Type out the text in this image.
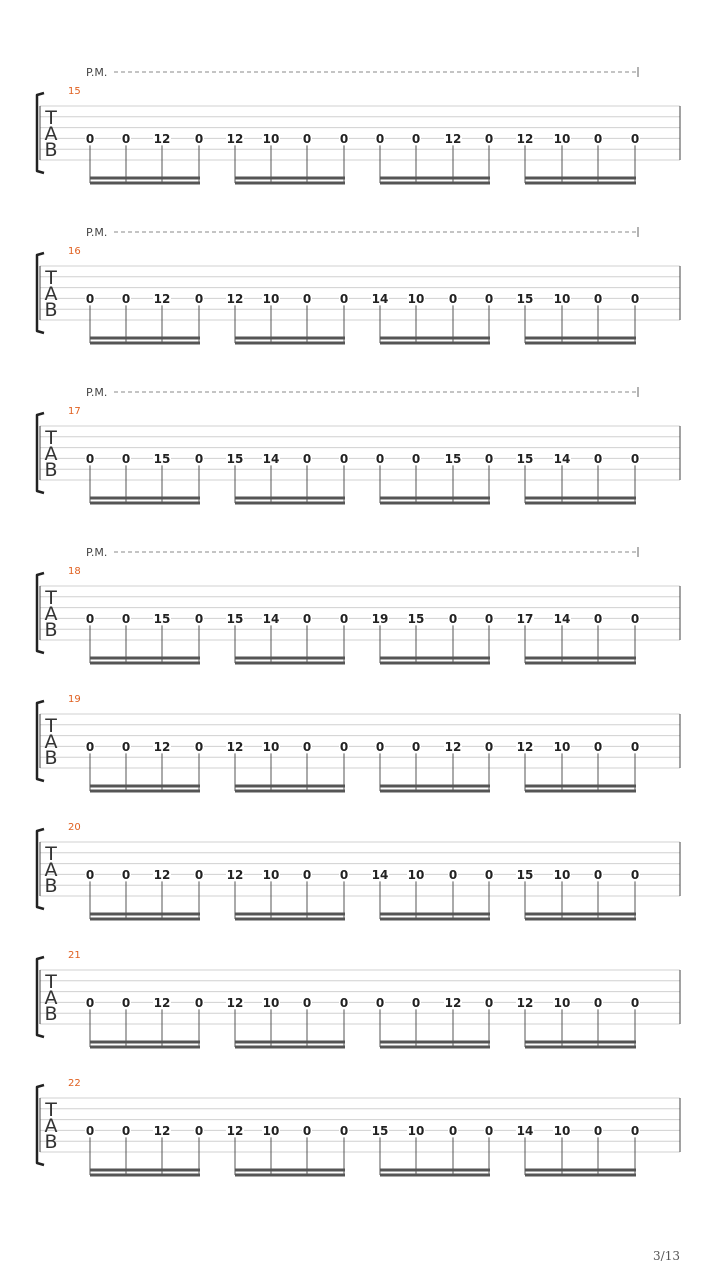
P.M.
15
T
A
B
0 0 12 0 12 10 0 0 0 0 12 0 12 10 0 0
P.M.
16
T
A
B
0 0 12 0 12 10 0 0 14 10 0 0 15 10 0 0
P.M.
17
T
A
B
0 0 15 0 15 14 0 0 0 0 15 0 15 14 0 0
P.M.
18
T
A
B
0 0 15 0 15 14 0 0 19 15 0 0 17 14 0 0
19
T
A
B
0 0 12 0 12 10 0 0 0 0 12 0 12 10 0 0
20
T
A
B
0 0 12 0 12 10 0 0 14 10 0 0 15 10 0 0
21
T
A
B
0 0 12 0 12 10 0 0 0 0 12 0 12 10 0 0
22
T
A
B
0 0 12 0 12 10 0 0 15 10 0 0 14 10 0 0
3/13
